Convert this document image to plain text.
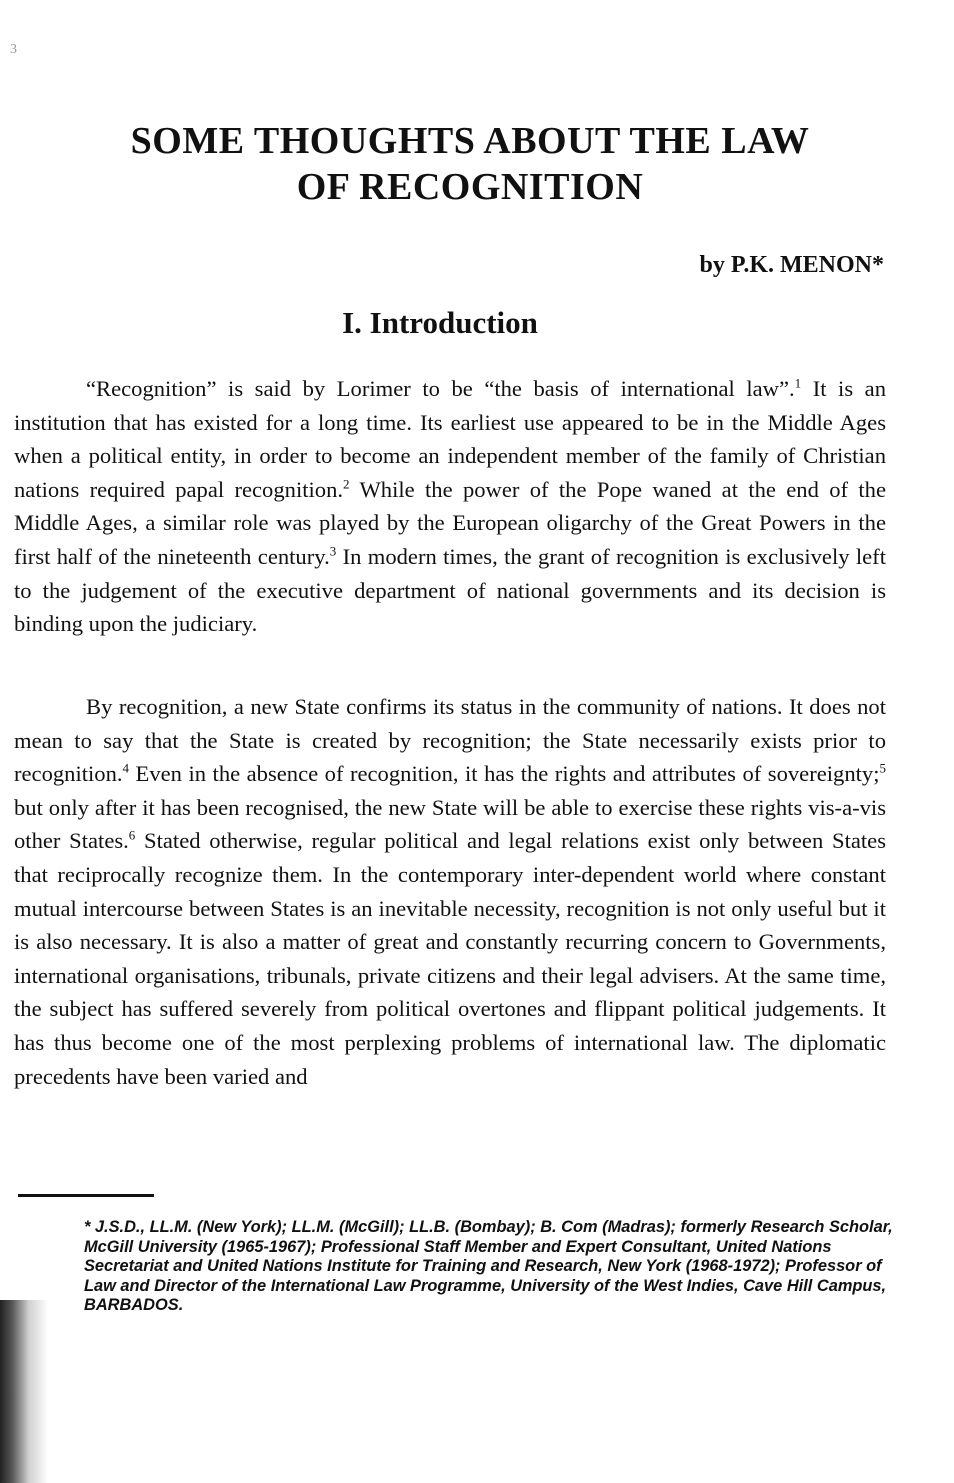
3
SOME THOUGHTS ABOUT THE LAW
OF RECOGNITION
by P.K. MENON*
I. Introduction

“Recognition” is said by Lorimer to be “the basis of international law”.$^1$ It is an institution that has existed for a long time. Its earliest use appeared to be in the Middle Ages when a political entity, in order to become an independent member of the family of Christian nations required papal recognition.$^2$ While the power of the Pope waned at the end of the Middle Ages, a similar role was played by the European oligarchy of the Great Powers in the first half of the nineteenth century.$^3$ In modern times, the grant of recognition is exclusively left to the judgement of the executive department of national governments and its decision is binding upon the judiciary.

By recognition, a new State confirms its status in the community of nations. It does not mean to say that the State is created by recognition; the State necessarily exists prior to recognition.$^4$ Even in the absence of recognition, it has the rights and attributes of sovereignty;$^5$ but only after it has been recognised, the new State will be able to exercise these rights vis-a-vis other States.$^6$ Stated otherwise, regular political and legal relations exist only between States that reciprocally recognize them. In the contemporary inter-dependent world where constant mutual intercourse between States is an inevitable necessity, recognition is not only useful but it is also necessary. It is also a matter of great and constantly recurring concern to Governments, international organisations, tribunals, private citizens and their legal advisers. At the same time, the subject has suffered severely from political overtones and flippant political judgements. It has thus become one of the most perplexing problems of international law. The diplomatic precedents have been varied and

* J.S.D., LL.M. (New York); LL.M. (McGill); LL.B. (Bombay); B. Com (Madras); formerly Research Scholar, McGill University (1965-1967); Professional Staff Member and Expert Consultant, United Nations Secretariat and United Nations Institute for Training and Research, New York (1968-1972); Professor of Law and Director of the International Law Programme, University of the West Indies, Cave Hill Campus, BARBADOS.
